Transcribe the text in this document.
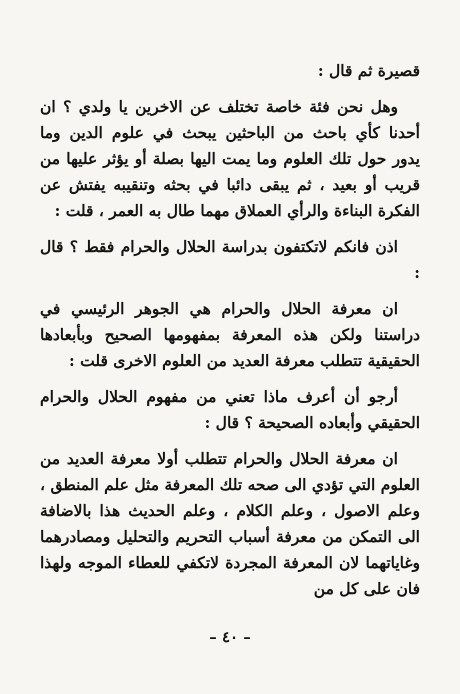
قصيرة ثم قال :

وهل نحن فئة خاصة تختلف عن الاخرين يا ولدي ؟ ان أحدنا كأي باحث من الباحثين يبحث في علوم الدين وما يدور حول تلك العلوم وما يمت اليها بصلة أو يؤثر عليها من قريب أو بعيد ، ثم يبقى دائبا في بحثه وتنقيبه يفتش عن الفكرة البناءة والرأي العملاق مهما طال به العمر ، قلت :

اذن فانكم لاتكتفون بدراسة الحلال والحرام فقط ؟ قال :

ان معرفة الحلال والحرام هي الجوهر الرئيسي في دراستنا ولكن هذه المعرفة بمفهومها الصحيح وبأبعادها الحقيقية تتطلب معرفة العديد من العلوم الاخرى قلت :

أرجو أن أعرف ماذا تعني من مفهوم الحلال والحرام الحقيقي وأبعاده الصحيحة ؟ قال :

ان معرفة الحلال والحرام تتطلب أولا معرفة العديد من العلوم التي تؤدي الى صحه تلك المعرفة مثل علم المنطق ، وعلم الاصول ، وعلم الكلام ، وعلم الحديث هذا بالاضافة الى التمكن من معرفة أسباب التحريم والتحليل ومصادرهما وغاياتهما لان المعرفة المجردة لاتكفي للعطاء الموجه ولهذا فان على كل من

– ٤٠ –
